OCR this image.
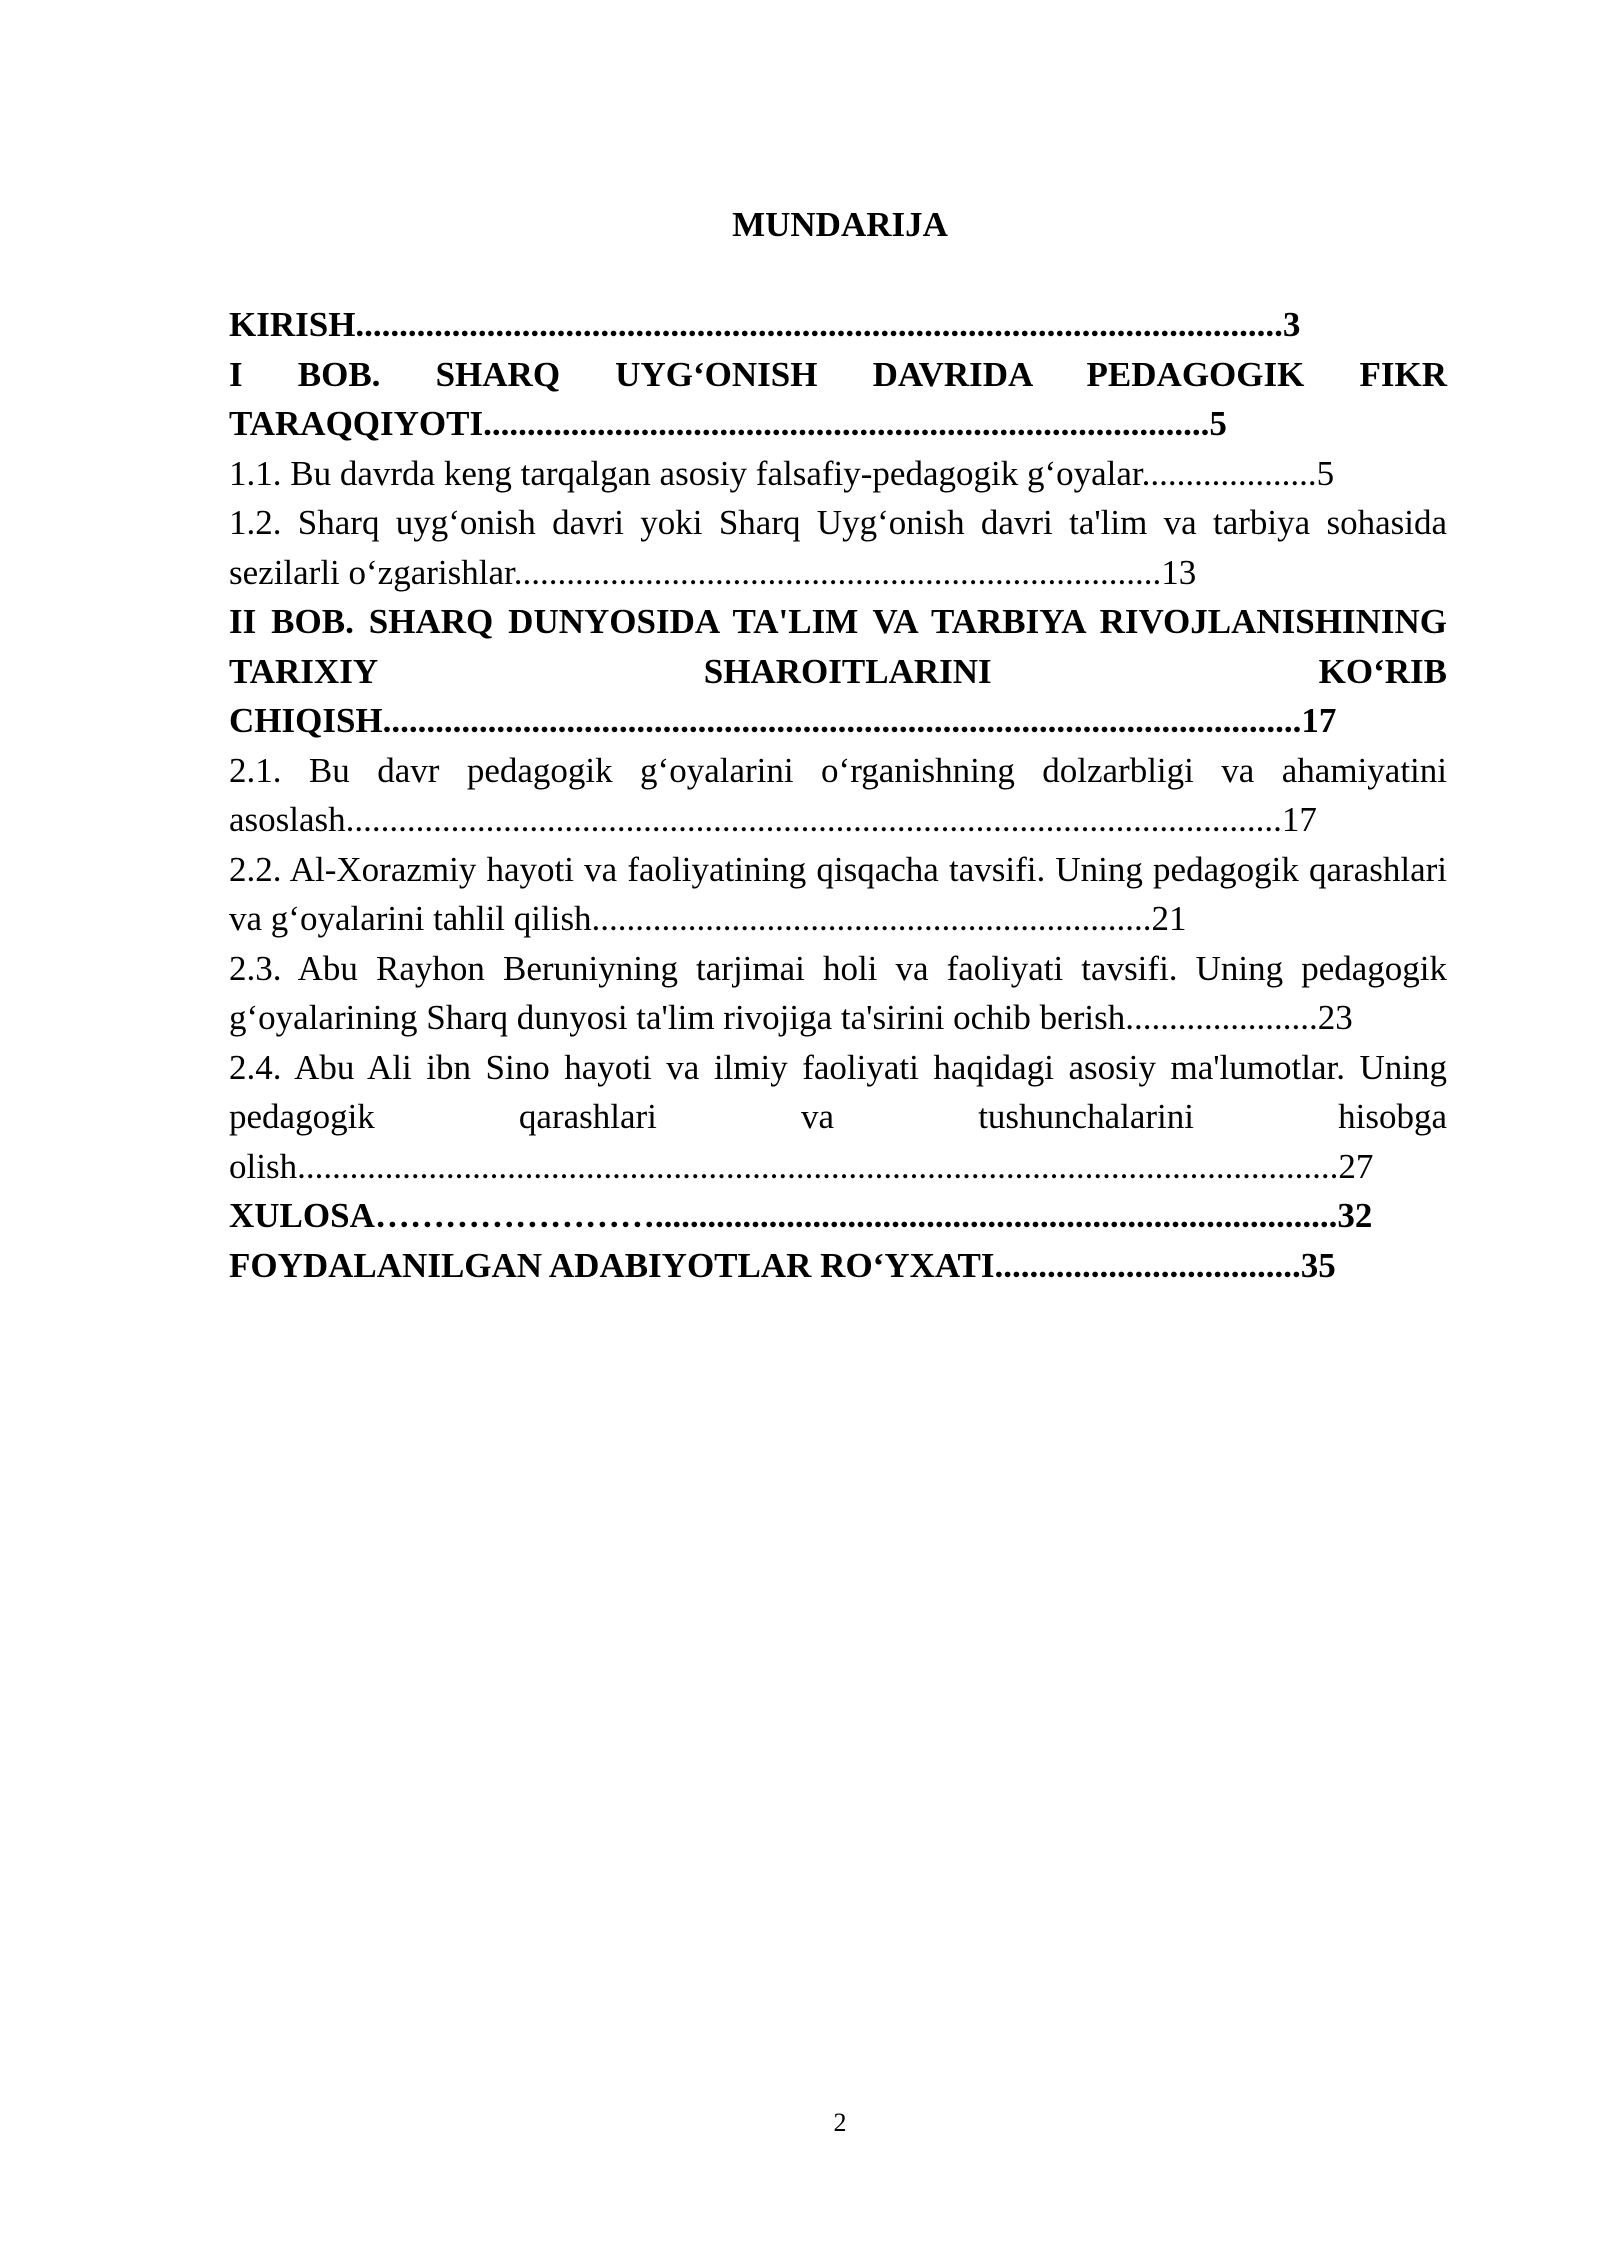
MUNDARIJA

KIRISH..........................................................................................................3

I BOB. SHARQ UYG‘ONISH DAVRIDA PEDAGOGIK FIKR TARAQQIYOTI...................................................................................5

1.1. Bu davrda keng tarqalgan asosiy falsafiy-pedagogik g‘oyalar....................5

1.2. Sharq uyg‘onish davri yoki Sharq Uyg‘onish davri ta'lim va tarbiya sohasida sezilarli o‘zgarishlar..........................................................................13

II BOB. SHARQ DUNYOSIDA TA'LIM VA TARBIYA RIVOJLANISHINING TARIXIY SHAROITLARINI KO‘RIB CHIQISH.........................................................................................................17

2.1. Bu davr pedagogik g‘oyalarini o‘rganishning dolzarbligi va ahamiyatini asoslash...........................................................................................................17

2.2. Al-Xorazmiy hayoti va faoliyatining qisqacha tavsifi. Uning pedagogik qarashlari va g‘oyalarini tahlil qilish................................................................21

2.3. Abu Rayhon Beruniyning tarjimai holi va faoliyati tavsifi. Uning pedagogik g‘oyalarining Sharq dunyosi ta'lim rivojiga ta'sirini ochib berish......................23

2.4. Abu Ali ibn Sino hayoti va ilmiy faoliyati haqidagi asosiy ma'lumotlar. Uning pedagogik qarashlari va tushunchalarini hisobga olish.......................................................................................................................27

XULOSA……………………..............................................................................32

FOYDALANILGAN ADABIYOTLAR RO‘YXATI...................................35

2
